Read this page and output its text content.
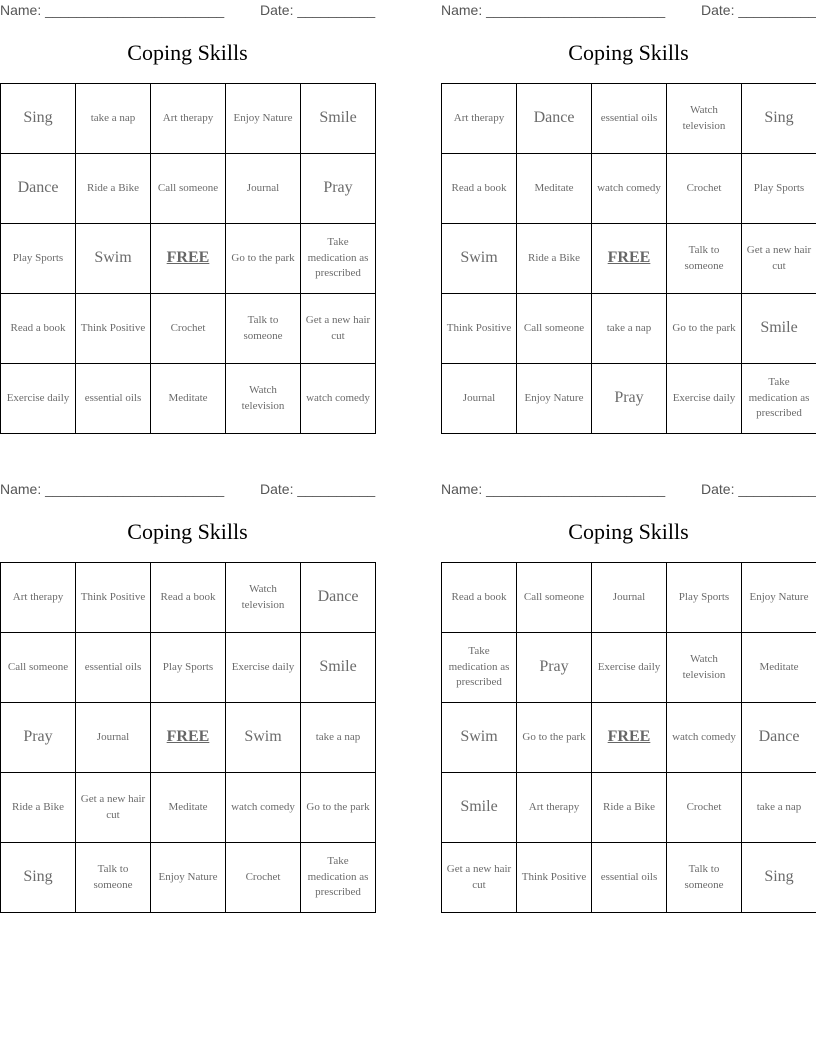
Name: _______________________	Date: __________
Coping Skills
Sing	take a nap	Art therapy	Enjoy Nature	Smile
Dance	Ride a Bike	Call someone	Journal	Pray
Play Sports	Swim	FREE	Go to the park	Take medication as prescribed
Read a book	Think Positive	Crochet	Talk to someone	Get a new hair cut
Exercise daily	essential oils	Meditate	Watch television	watch comedy
Name: _______________________	Date: __________
Coping Skills
Art therapy	Dance	essential oils	Watch television	Sing
Read a book	Meditate	watch comedy	Crochet	Play Sports
Swim	Ride a Bike	FREE	Talk to someone	Get a new hair cut
Think Positive	Call someone	take a nap	Go to the park	Smile
Journal	Enjoy Nature	Pray	Exercise daily	Take medication as prescribed
Name: _______________________	Date: __________
Coping Skills
Art therapy	Think Positive	Read a book	Watch television	Dance
Call someone	essential oils	Play Sports	Exercise daily	Smile
Pray	Journal	FREE	Swim	take a nap
Ride a Bike	Get a new hair cut	Meditate	watch comedy	Go to the park
Sing	Talk to someone	Enjoy Nature	Crochet	Take medication as prescribed
Name: _______________________	Date: __________
Coping Skills
Read a book	Call someone	Journal	Play Sports	Enjoy Nature
Take medication as prescribed	Pray	Exercise daily	Watch television	Meditate
Swim	Go to the park	FREE	watch comedy	Dance
Smile	Art therapy	Ride a Bike	Crochet	take a nap
Get a new hair cut	Think Positive	essential oils	Talk to someone	Sing
